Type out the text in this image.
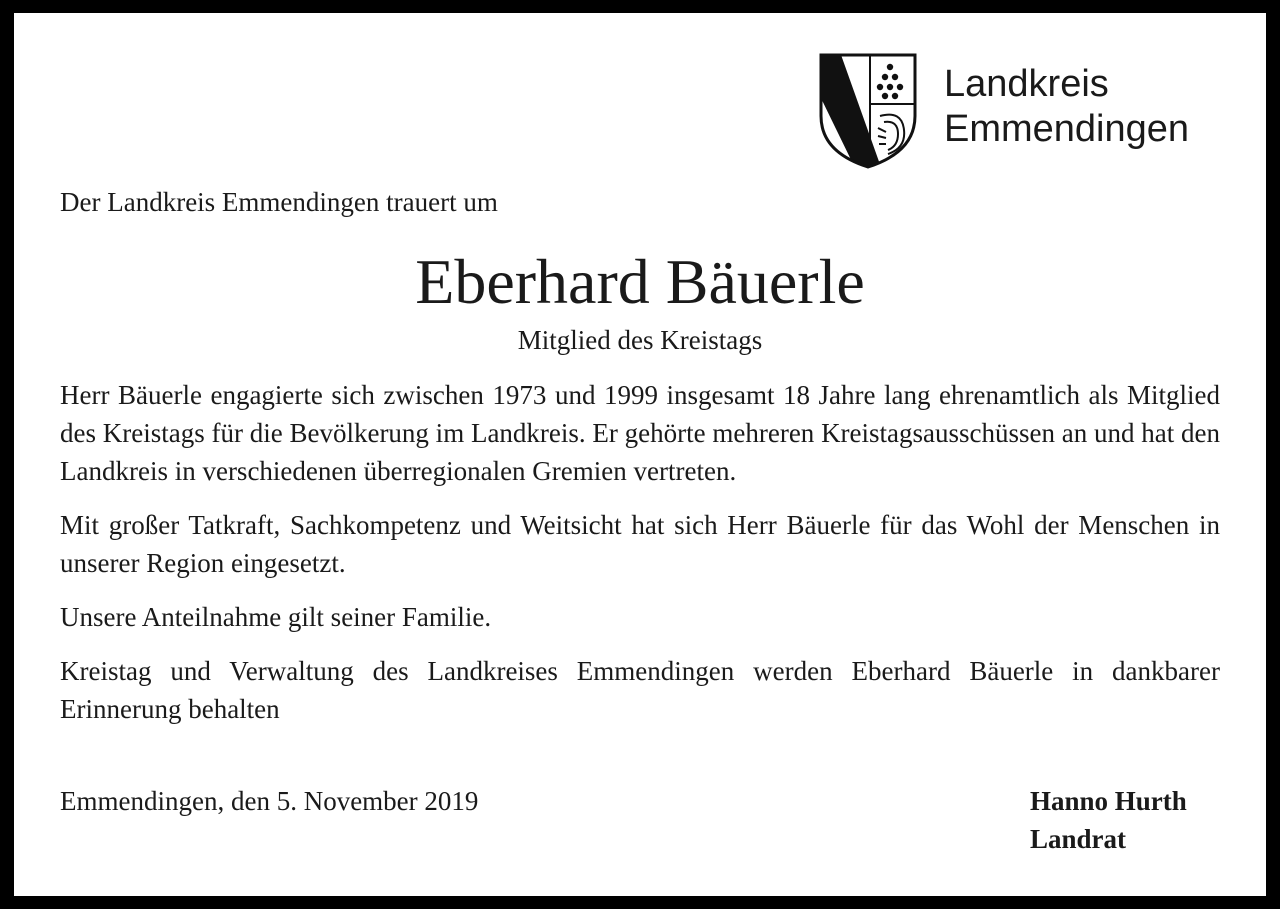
Landkreis
Emmendingen
Der Landkreis Emmendingen trauert um
Eberhard Bäuerle
Mitglied des Kreistags

Herr Bäuerle engagierte sich zwischen 1973 und 1999 insgesamt 18 Jahre lang ehrenamtlich als Mitglied des Kreistags für die Bevölkerung im Landkreis. Er gehörte mehreren Kreistagsausschüssen an und hat den Landkreis in verschiedenen überregionalen Gremien vertreten.

Mit großer Tatkraft, Sachkompetenz und Weitsicht hat sich Herr Bäuerle für das Wohl der Menschen in unserer Region eingesetzt.

Unsere Anteilnahme gilt seiner Familie.

Kreistag und Verwaltung des Landkreises Emmendingen werden Eberhard Bäuerle in dankbarer Erinnerung behalten

Emmendingen, den 5. November 2019	Hanno Hurth
Landrat
